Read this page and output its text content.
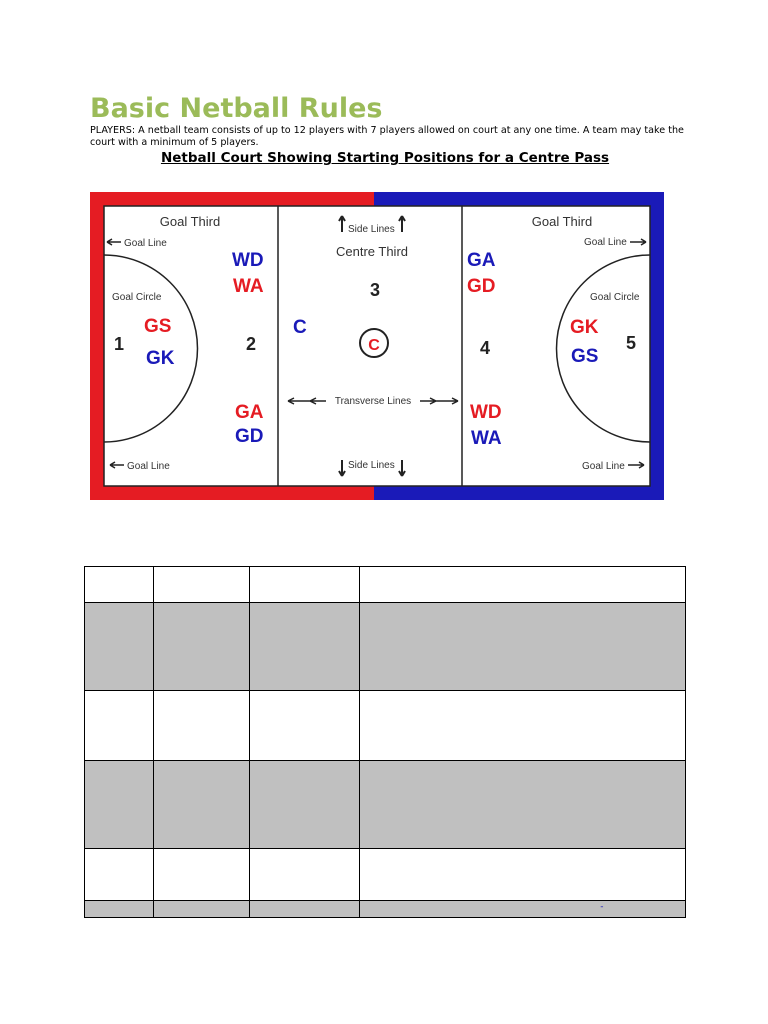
Basic Netball Rules
PLAYERS: A netball team consists of up to 12 players with 7 players allowed on court at any one time. A team may take the court with a minimum of 5 players.
Netball Court Showing Starting Positions for a Centre Pass
Goal Third
Goal Line
Goal Circle
1
GS
GK
WD
WA
2
GA
GD
Goal Line
Side Lines
Centre Third
3
C
C
Transverse Lines
Side Lines
Goal Third
Goal Line
GA
GD
Goal Circle
GK
GS
4	5
WD
WA
Goal Line

			-
